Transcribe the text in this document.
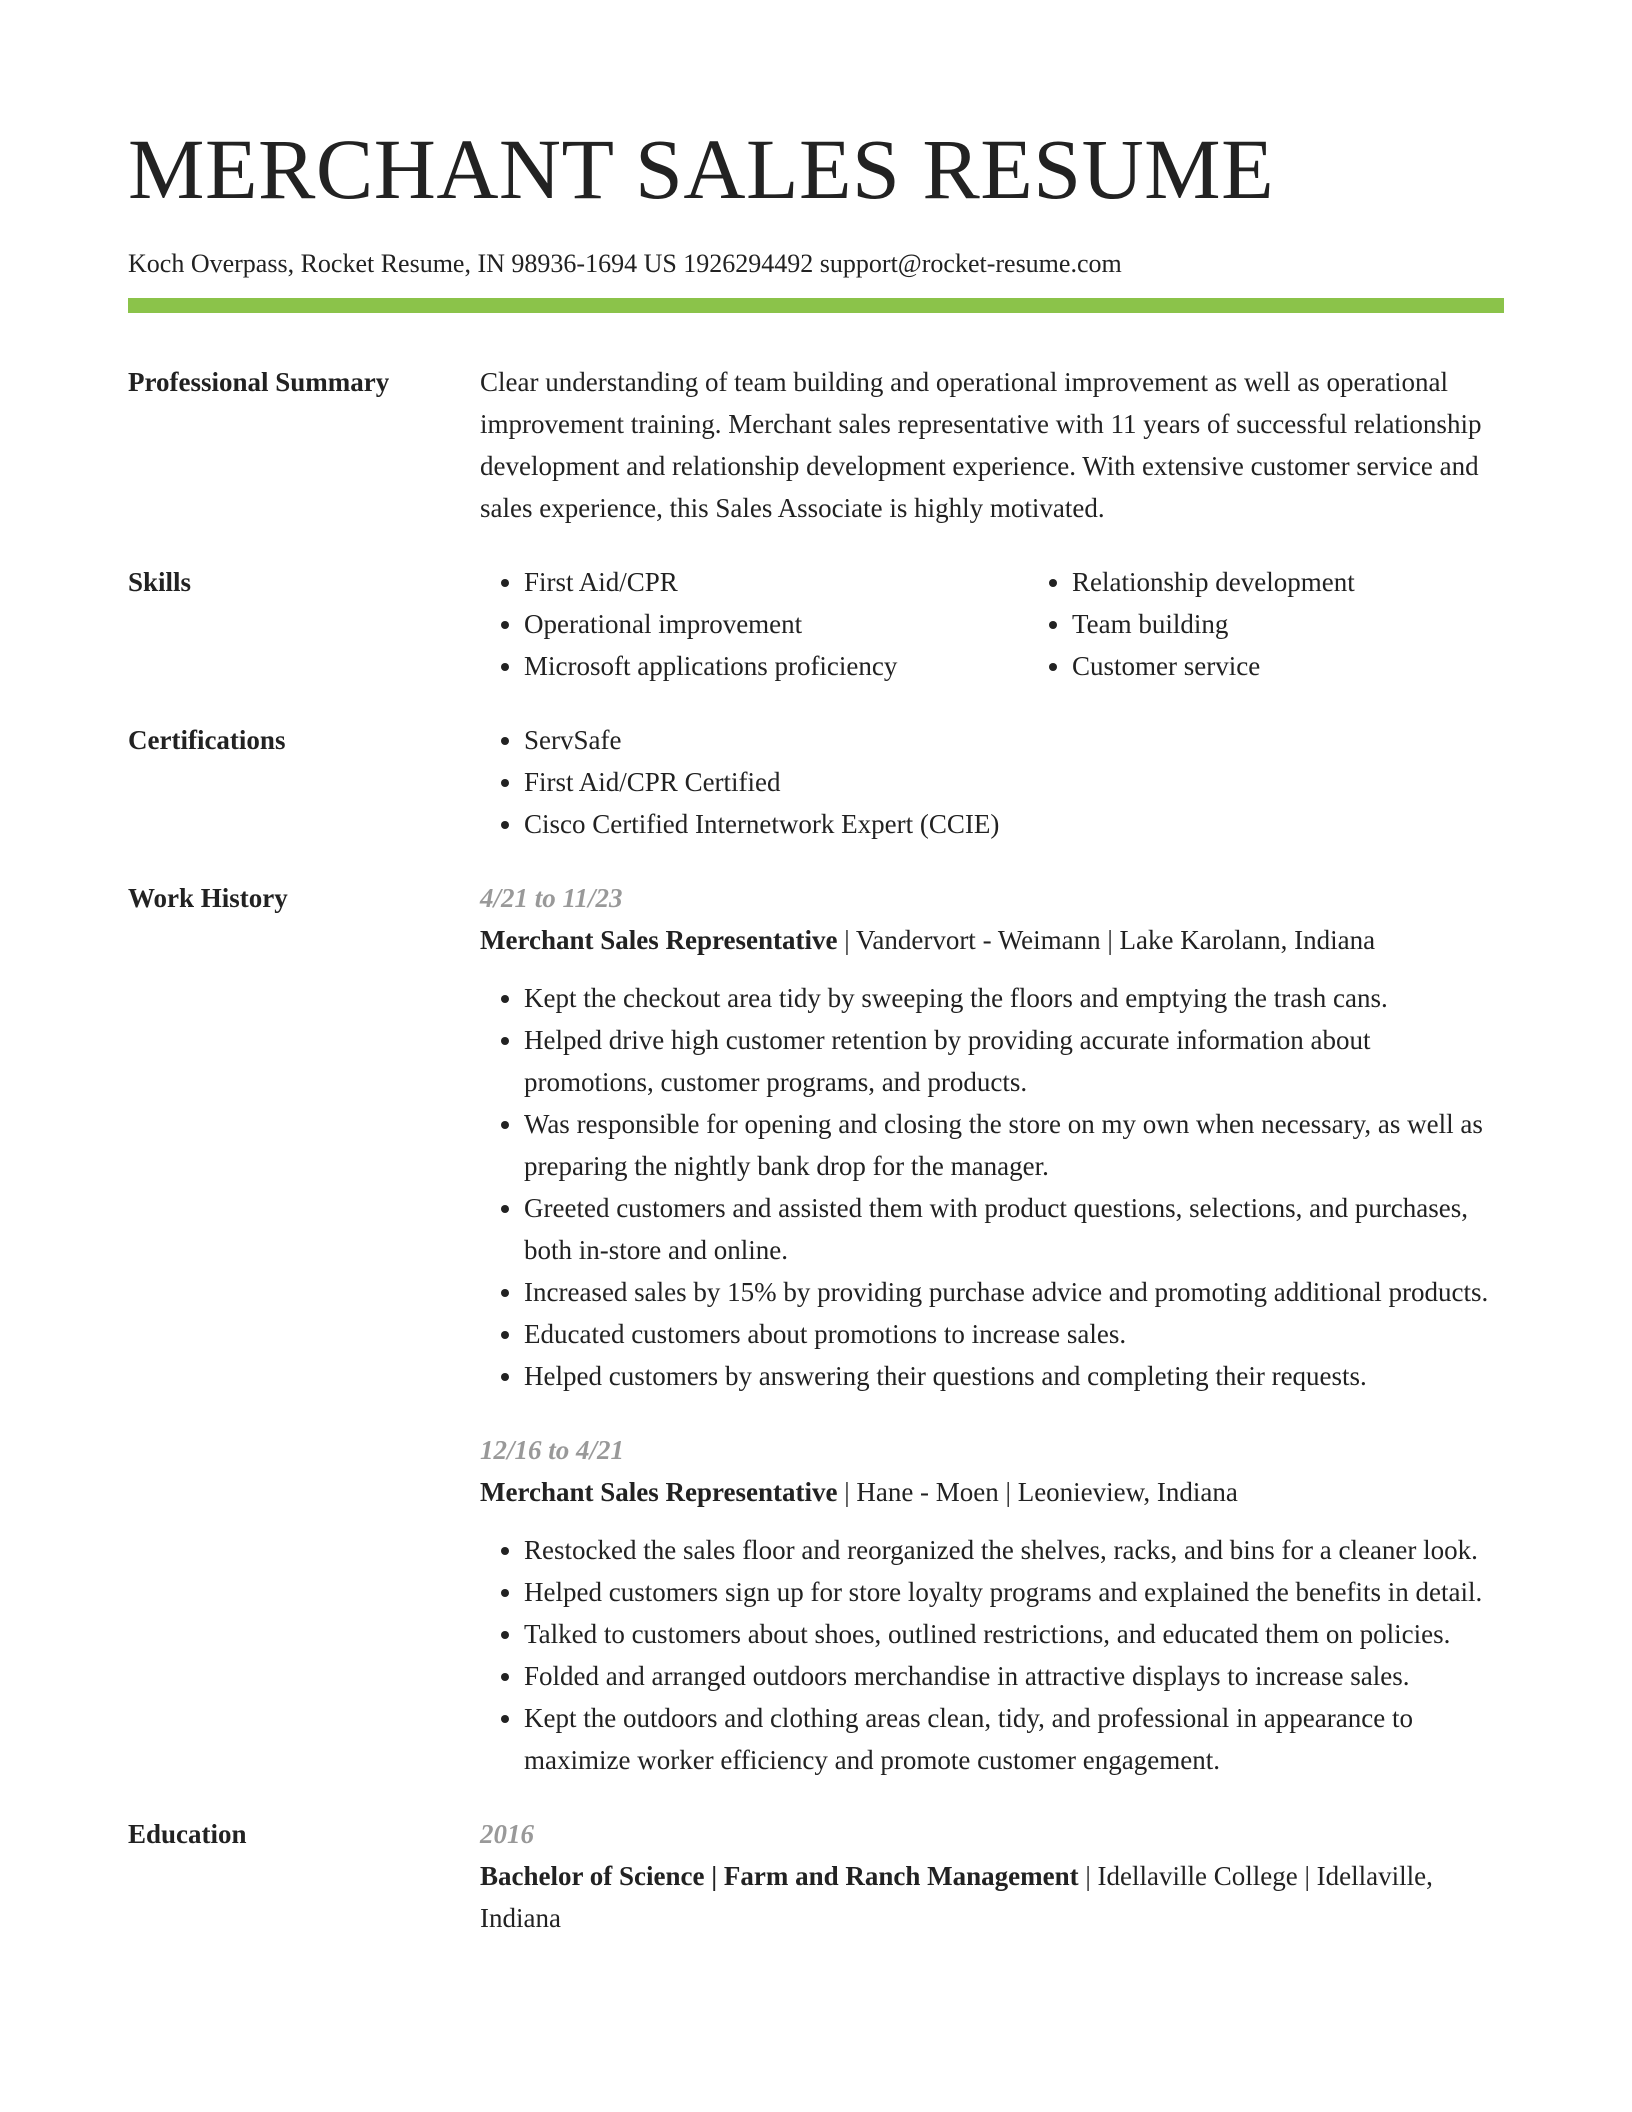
MERCHANT SALES RESUME
Koch Overpass, Rocket Resume, IN 98936-1694 US 1926294492 support@rocket-resume.com
Professional Summary	Clear understanding of team building and operational improvement as well as operational improvement training. Merchant sales representative with 11 years of successful relationship development and relationship development experience. With extensive customer service and sales experience, this Sales Associate is highly motivated.

Skills	• First Aid/CPR
• Operational improvement
• Microsoft applications proficiency
• Relationship development
• Team building
• Customer service
Certifications	• ServSafe
• First Aid/CPR Certified
• Cisco Certified Internetwork Expert (CCIE)
Work History	4/21 to 11/23
Merchant Sales Representative | Vandervort - Weimann | Lake Karolann, Indiana
• Kept the checkout area tidy by sweeping the floors and emptying the trash cans.
• Helped drive high customer retention by providing accurate information about promotions, customer programs, and products.
• Was responsible for opening and closing the store on my own when necessary, as well as preparing the nightly bank drop for the manager.
• Greeted customers and assisted them with product questions, selections, and purchases, both in-store and online.
• Increased sales by 15% by providing purchase advice and promoting additional products.
• Educated customers about promotions to increase sales.
• Helped customers by answering their questions and completing their requests.
12/16 to 4/21
Merchant Sales Representative | Hane - Moen | Leonieview, Indiana
• Restocked the sales floor and reorganized the shelves, racks, and bins for a cleaner look.
• Helped customers sign up for store loyalty programs and explained the benefits in detail.
• Talked to customers about shoes, outlined restrictions, and educated them on policies.
• Folded and arranged outdoors merchandise in attractive displays to increase sales.
• Kept the outdoors and clothing areas clean, tidy, and professional in appearance to maximize worker efficiency and promote customer engagement.
Education	2016
Bachelor of Science | Farm and Ranch Management | Idellaville College | Idellaville, Indiana
